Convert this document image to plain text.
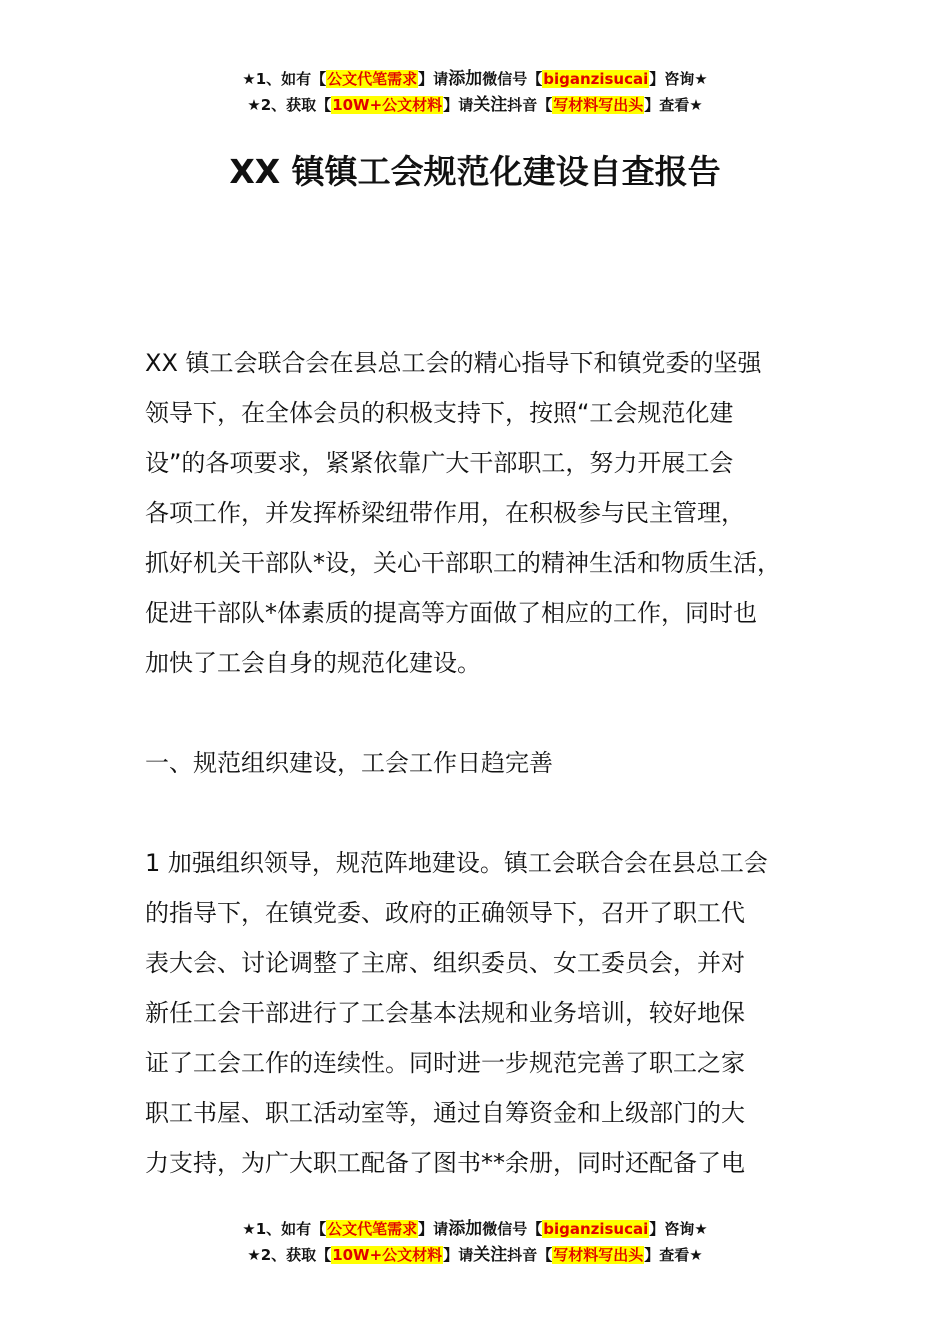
★1、如有【公文代笔需求】请添加微信号【biganzisucai】咨询★
★2、获取【10W+公文材料】请关注抖音【写材料写出头】查看★
XX 镇镇工会规范化建设自查报告
XX 镇工会联合会在县总工会的精心指导下和镇党委的坚强
领导下，在全体会员的积极支持下，按照“工会规范化建
设”的各项要求，紧紧依靠广大干部职工，努力开展工会
各项工作，并发挥桥梁纽带作用，在积极参与民主管理，
抓好机关干部队*设，关心干部职工的精神生活和物质生活，
促进干部队*体素质的提高等方面做了相应的工作，同时也
加快了工会自身的规范化建设。
一、规范组织建设，工会工作日趋完善
1 加强组织领导，规范阵地建设。镇工会联合会在县总工会
的指导下，在镇党委、政府的正确领导下，召开了职工代
表大会、讨论调整了主席、组织委员、女工委员会，并对
新任工会干部进行了工会基本法规和业务培训，较好地保
证了工会工作的连续性。同时进一步规范完善了职工之家
职工书屋、职工活动室等，通过自筹资金和上级部门的大
力支持，为广大职工配备了图书**余册，同时还配备了电
★1、如有【公文代笔需求】请添加微信号【biganzisucai】咨询★
★2、获取【10W+公文材料】请关注抖音【写材料写出头】查看★
